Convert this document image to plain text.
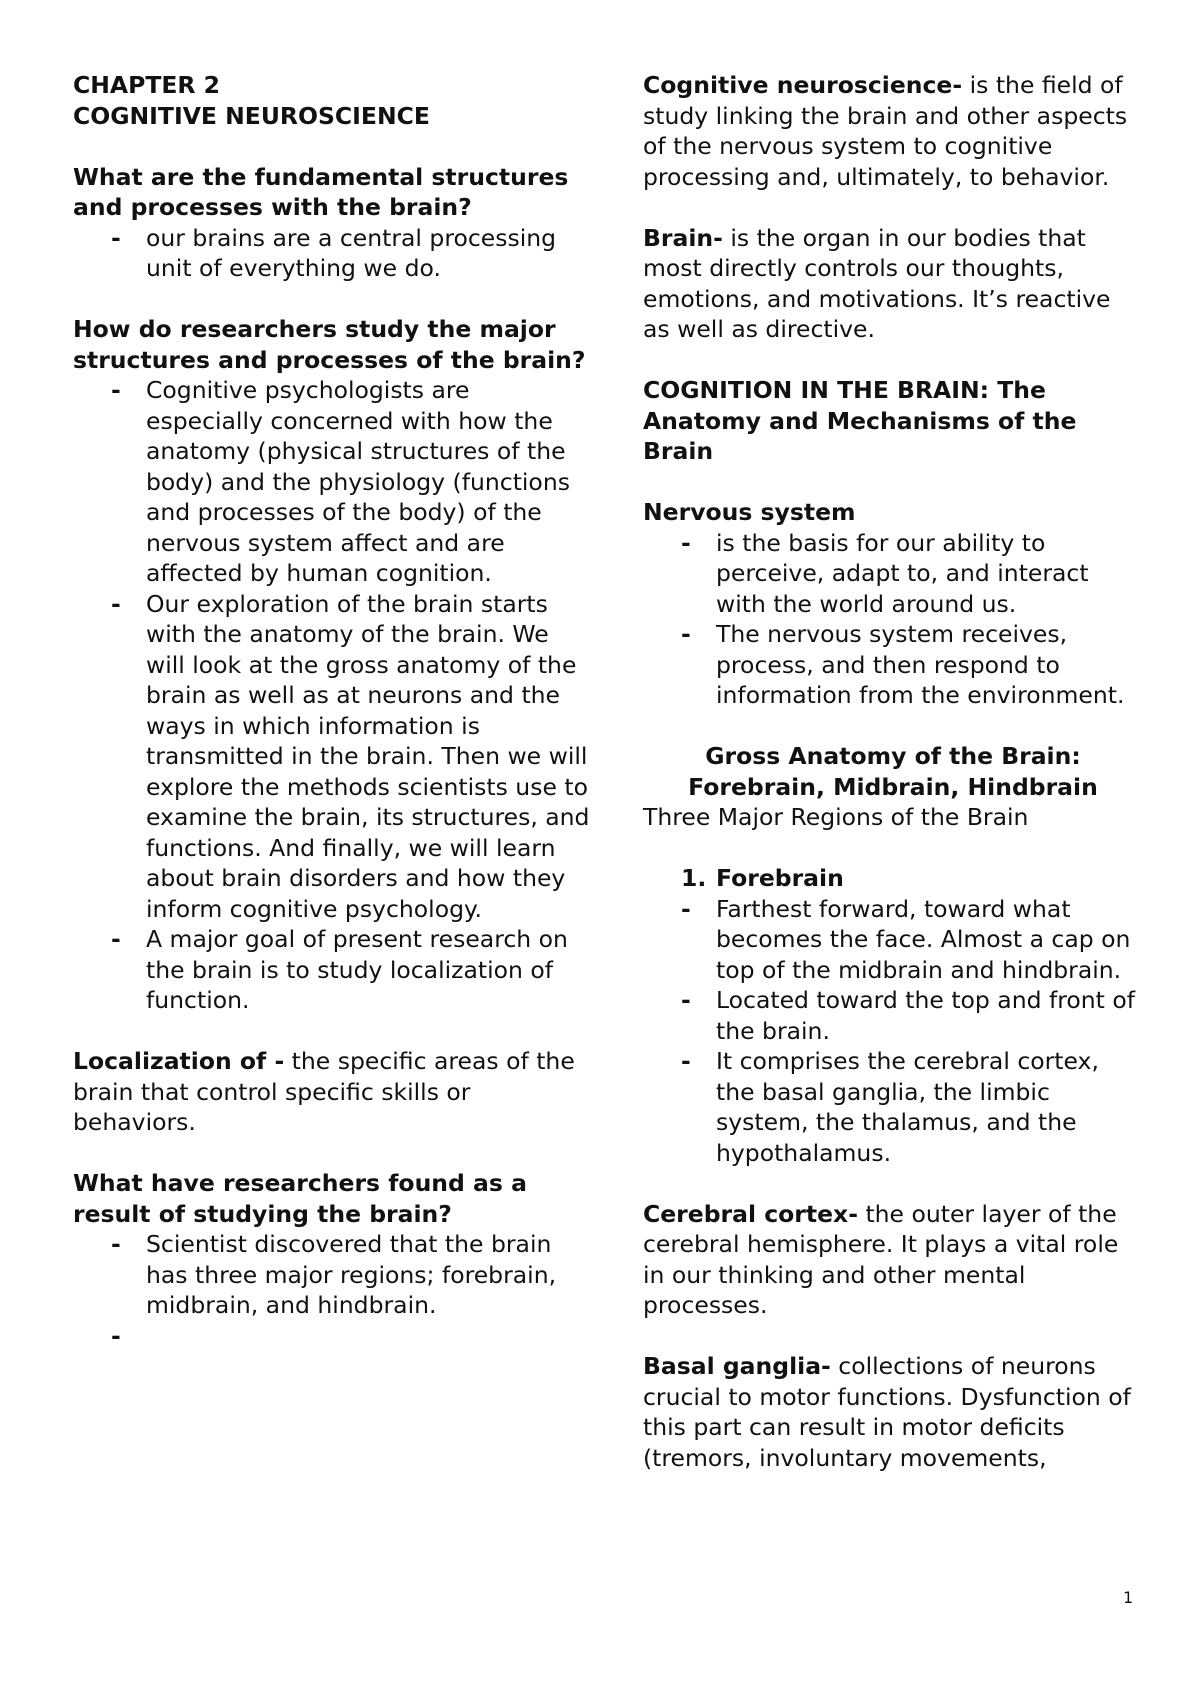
CHAPTER 2

COGNITIVE NEUROSCIENCE

What are the fundamental structures and processes with the brain?

- our brains are a central processing unit of everything we do.

How do researchers study the major structures and processes of the brain?

- Cognitive psychologists are especially concerned with how the anatomy (physical structures of the body) and the physiology (functions and processes of the body) of the nervous system affect and are affected by human cognition.
- Our exploration of the brain starts with the anatomy of the brain. We will look at the gross anatomy of the brain as well as at neurons and the ways in which information is transmitted in the brain. Then we will explore the methods scientists use to examine the brain, its structures, and functions. And finally, we will learn about brain disorders and how they inform cognitive psychology.
- A major goal of present research on the brain is to study localization of function.

Localization of - the specific areas of the brain that control specific skills or behaviors.

What have researchers found as a result of studying the brain?

- Scientist discovered that the brain has three major regions; forebrain, midbrain, and hindbrain.
-

Cognitive neuroscience- is the field of study linking the brain and other aspects of the nervous system to cognitive processing and, ultimately, to behavior.

Brain- is the organ in our bodies that most directly controls our thoughts, emotions, and motivations. It’s reactive as well as directive.

COGNITION IN THE BRAIN: The Anatomy and Mechanisms of the Brain

Nervous system

- is the basis for our ability to perceive, adapt to, and interact with the world around us.
- The nervous system receives, process, and then respond to information from the environment.

Gross Anatomy of the Brain:

Forebrain, Midbrain, Hindbrain

Three Major Regions of the Brain

1. Forebrain
- Farthest forward, toward what becomes the face. Almost a cap on top of the midbrain and hindbrain.
- Located toward the top and front of the brain.
- It comprises the cerebral cortex, the basal ganglia, the limbic system, the thalamus, and the hypothalamus.

Cerebral cortex- the outer layer of the cerebral hemisphere. It plays a vital role in our thinking and other mental processes.

Basal ganglia- collections of neurons crucial to motor functions. Dysfunction of this part can result in motor deficits (tremors, involuntary movements,

1
